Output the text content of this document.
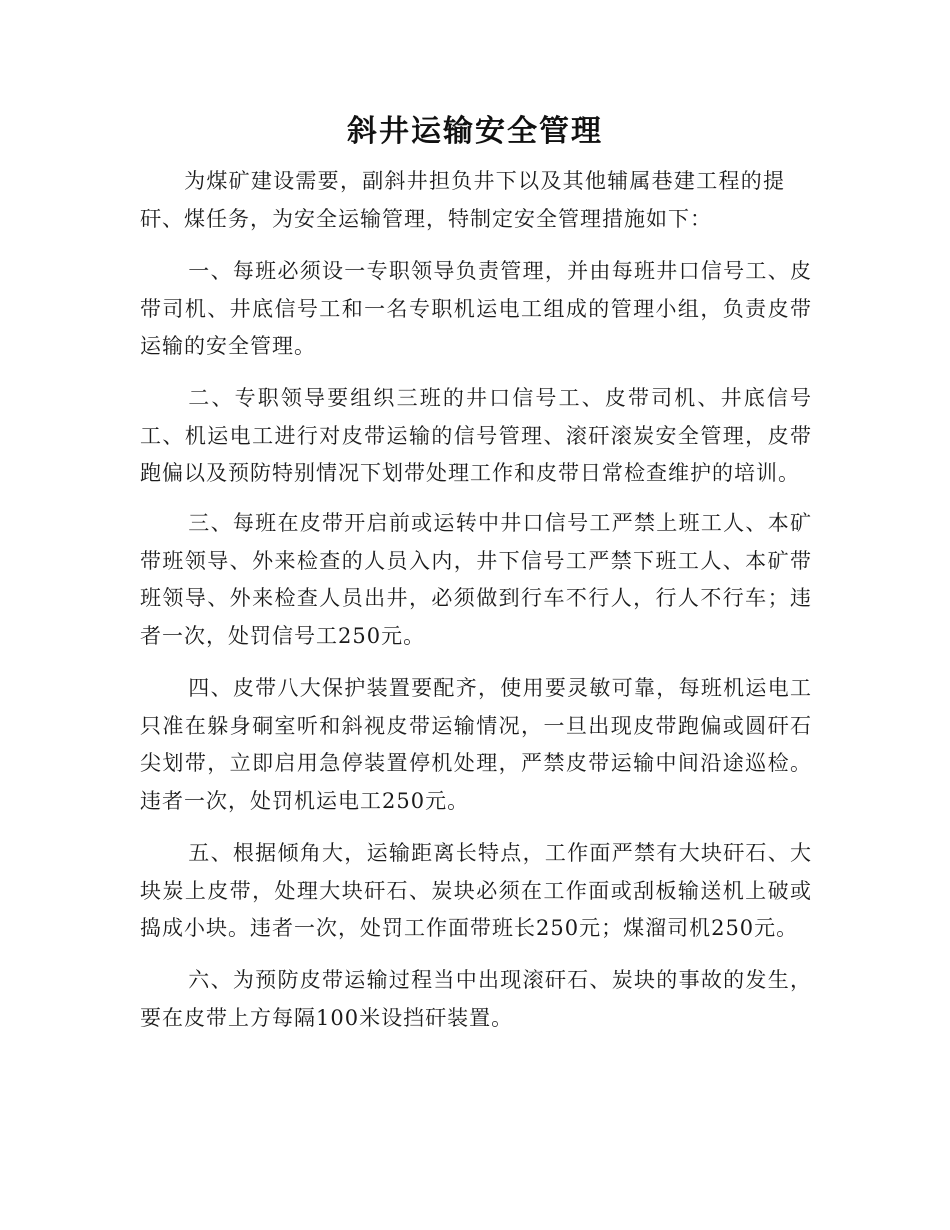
斜井运输安全管理

为煤矿建设需要，副斜井担负井下以及其他辅属巷建工程的提矸、煤任务，为安全运输管理，特制定安全管理措施如下：

一、每班必须设一专职领导负责管理，并由每班井口信号工、皮带司机、井底信号工和一名专职机运电工组成的管理小组，负责皮带运输的安全管理。

二、专职领导要组织三班的井口信号工、皮带司机、井底信号工、机运电工进行对皮带运输的信号管理、滚矸滚炭安全管理，皮带跑偏以及预防特别情况下划带处理工作和皮带日常检查维护的培训。

三、每班在皮带开启前或运转中井口信号工严禁上班工人、本矿带班领导、外来检查的人员入内，井下信号工严禁下班工人、本矿带班领导、外来检查人员出井，必须做到行车不行人，行人不行车；违者一次，处罚信号工250元。

四、皮带八大保护装置要配齐，使用要灵敏可靠，每班机运电工只准在躲身硐室听和斜视皮带运输情况，一旦出现皮带跑偏或圆矸石尖划带，立即启用急停装置停机处理，严禁皮带运输中间沿途巡检。违者一次，处罚机运电工250元。

五、根据倾角大，运输距离长特点，工作面严禁有大块矸石、大块炭上皮带，处理大块矸石、炭块必须在工作面或刮板输送机上破或捣成小块。违者一次，处罚工作面带班长250元；煤溜司机250元。

六、为预防皮带运输过程当中出现滚矸石、炭块的事故的发生，要在皮带上方每隔100米设挡矸装置。
